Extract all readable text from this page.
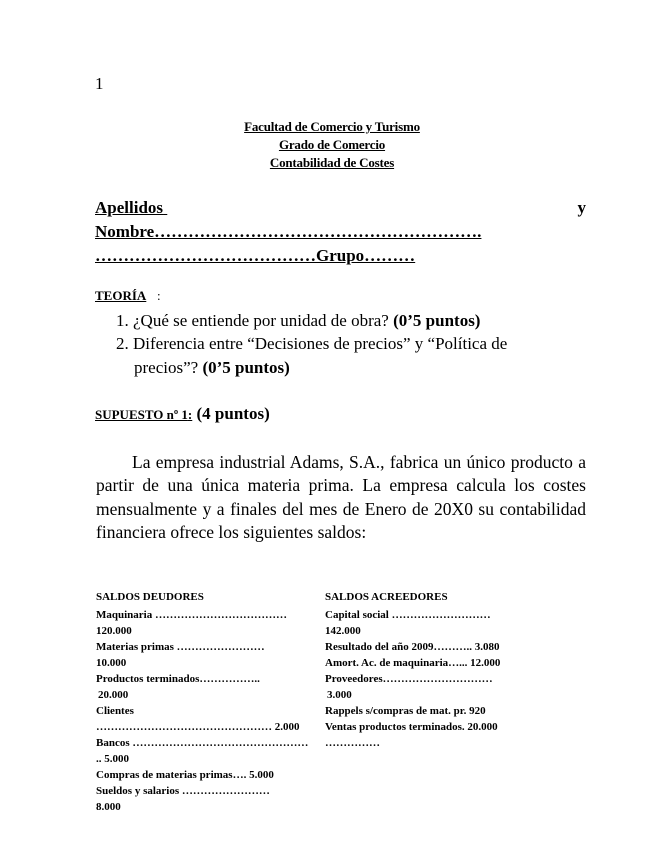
1
Facultad de Comercio y Turismo
Grado de Comercio
Contabilidad de Costes
Apellidos	y
Nombre………………………………………………….
…………………………………Grupo………
TEORÍA :
1. ¿Qué se entiende por unidad de obra? (0’5 puntos)
2. Diferencia entre “Decisiones de precios” y “Política de
precios”? (0’5 puntos)
SUPUESTO nº 1: (4 puntos)
La empresa industrial Adams, S.A., fabrica un único producto a partir de una única materia prima. La empresa calcula los costes mensualmente y a finales del mes de Enero de 20X0 su contabilidad financiera ofrece los siguientes saldos:
SALDOS DEUDORES	SALDOS ACREEDORES
Maquinaria ………………………………
120.000
Materias primas ……………………
10.000
Productos terminados……………..
20.000
Clientes
………………………………………… 2.000
Bancos …………………………………………
.. 5.000
Compras de materias primas…. 5.000
Sueldos y salarios ……………………
8.000
Capital social ………………………
142.000
Resultado del año 2009……….. 3.080
Amort. Ac. de maquinaria…... 12.000
Proveedores…………………………
3.000
Rappels s/compras de mat. pr. 920
Ventas productos terminados. 20.000
……………
